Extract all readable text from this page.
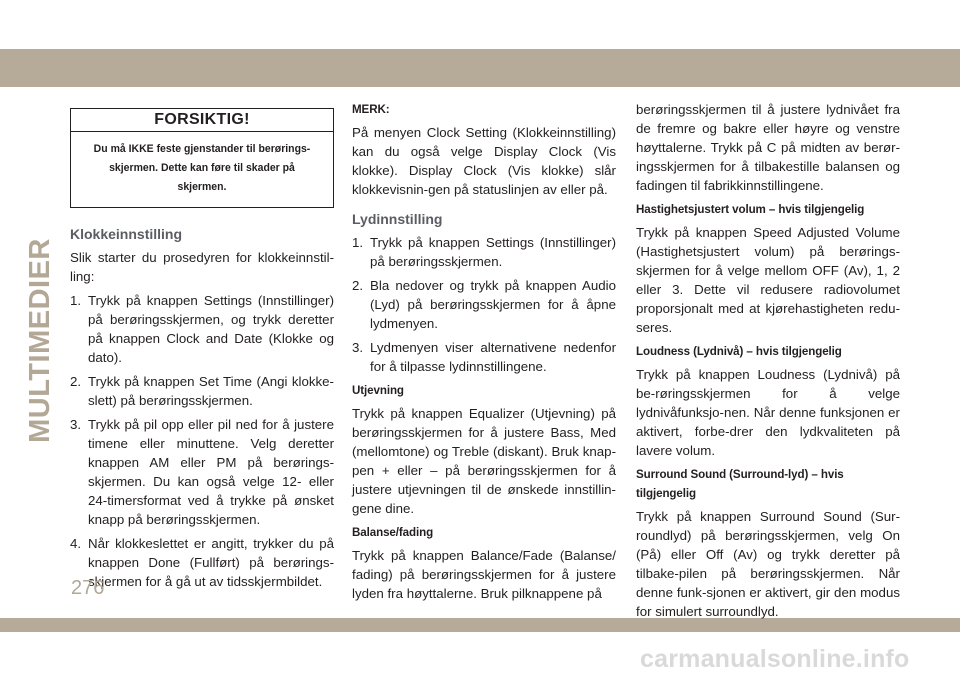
MULTIMEDIER
FORSIKTIG!
Du må IKKE feste gjenstander til berørings-skjermen. Dette kan føre til skader på skjermen.
Klokkeinnstilling

Slik starter du prosedyren for klokkeinnstil-ling:

1. Trykk på knappen Settings (Innstillinger) på berøringsskjermen, og trykk deretter på knappen Clock and Date (Klokke og dato).
2. Trykk på knappen Set Time (Angi klokke-slett) på berøringsskjermen.
3. Trykk på pil opp eller pil ned for å justere timene eller minuttene. Velg deretter knappen AM eller PM på berørings-skjermen. Du kan også velge 12- eller 24-timersformat ved å trykke på ønsket knapp på berøringsskjermen.
4. Når klokkeslettet er angitt, trykker du på knappen Done (Fullført) på berørings-skjermen for å gå ut av tidsskjermbildet.
MERK:

På menyen Clock Setting (Klokkeinnstilling) kan du også velge Display Clock (Vis klokke). Display Clock (Vis klokke) slår klokkevisnin-gen på statuslinjen av eller på.

Lydinnstilling
1. Trykk på knappen Settings (Innstillinger) på berøringsskjermen.
2. Bla nedover og trykk på knappen Audio (Lyd) på berøringsskjermen for å åpne lydmenyen.
3. Lydmenyen viser alternativene nedenfor for å tilpasse lydinnstillingene.
Utjevning

Trykk på knappen Equalizer (Utjevning) på berøringsskjermen for å justere Bass, Med (mellomtone) og Treble (diskant). Bruk knap-pen + eller – på berøringsskjermen for å justere utjevningen til de ønskede innstillin-gene dine.

Balanse/fading

Trykk på knappen Balance/Fade (Balanse/ fading) på berøringsskjermen for å justere lyden fra høyttalerne. Bruk pilknappene på

berøringsskjermen til å justere lydnivået fra de fremre og bakre eller høyre og venstre høyttalerne. Trykk på C på midten av berør-ingsskjermen for å tilbakestille balansen og fadingen til fabrikkinnstillingene.

Hastighetsjustert volum – hvis tilgjengelig

Trykk på knappen Speed Adjusted Volume (Hastighetsjustert volum) på berørings-skjermen for å velge mellom OFF (Av), 1, 2 eller 3. Dette vil redusere radiovolumet proporsjonalt med at kjørehastigheten redu-seres.

Loudness (Lydnivå) – hvis tilgjengelig

Trykk på knappen Loudness (Lydnivå) på be-røringsskjermen for å velge lydnivåfunksjo-nen. Når denne funksjonen er aktivert, forbe-drer den lydkvaliteten på lavere volum.

Surround Sound (Surround-lyd) – hvis tilgjengelig

Trykk på knappen Surround Sound (Sur-roundlyd) på berøringsskjermen, velg On (På) eller Off (Av) og trykk deretter på tilbake-pilen på berøringsskjermen. Når denne funk-sjonen er aktivert, gir den modus for simulert surroundlyd.

276
carmanualsonline.info
